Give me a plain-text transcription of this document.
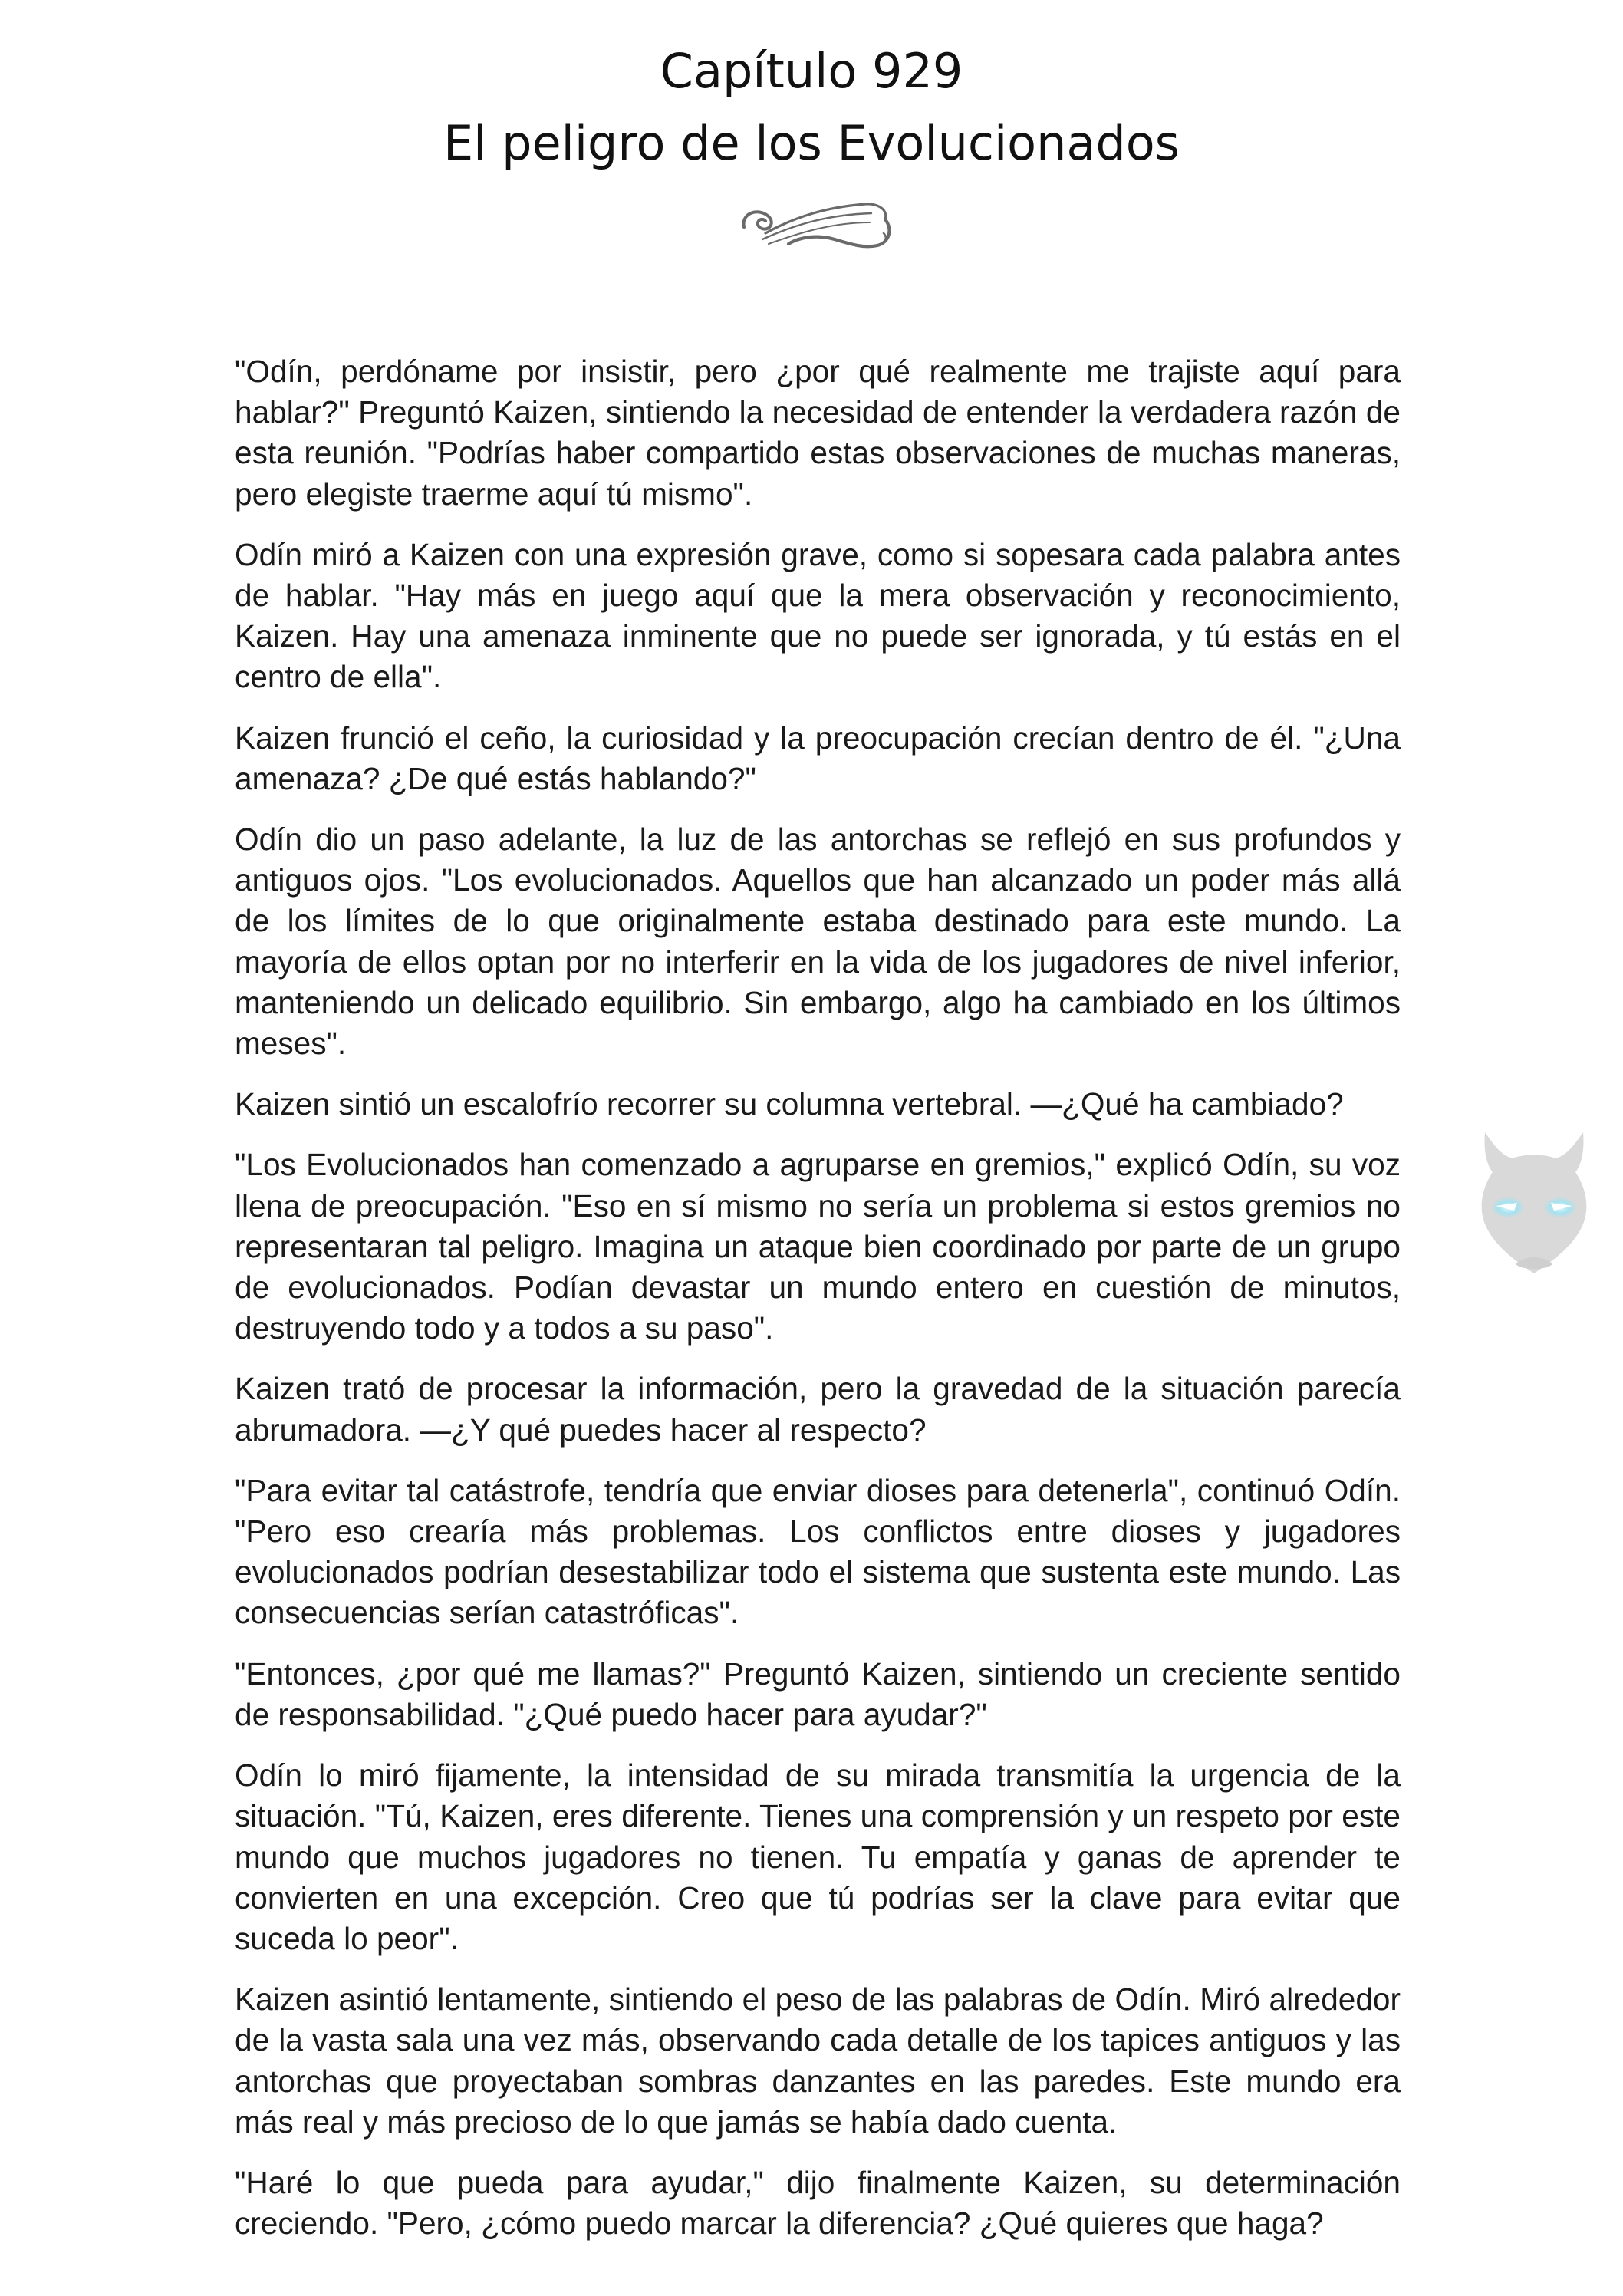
Capítulo 929
El peligro de los Evolucionados

"Odín, perdóname por insistir, pero ¿por qué realmente me trajiste aquí para hablar?" Preguntó Kaizen, sintiendo la necesidad de entender la verdadera razón de esta reunión. "Podrías haber compartido estas observaciones de muchas maneras, pero elegiste traerme aquí tú mismo".

Odín miró a Kaizen con una expresión grave, como si sopesara cada palabra antes de hablar. "Hay más en juego aquí que la mera observación y reconocimiento, Kaizen. Hay una amenaza inminente que no puede ser ignorada, y tú estás en el centro de ella".

Kaizen frunció el ceño, la curiosidad y la preocupación crecían dentro de él. "¿Una amenaza? ¿De qué estás hablando?"

Odín dio un paso adelante, la luz de las antorchas se reflejó en sus profundos y antiguos ojos. "Los evolucionados. Aquellos que han alcanzado un poder más allá de los límites de lo que originalmente estaba destinado para este mundo. La mayoría de ellos optan por no interferir en la vida de los jugadores de nivel inferior, manteniendo un delicado equilibrio. Sin embargo, algo ha cambiado en los últimos meses".

Kaizen sintió un escalofrío recorrer su columna vertebral. —¿Qué ha cambiado?

"Los Evolucionados han comenzado a agruparse en gremios," explicó Odín, su voz llena de preocupación. "Eso en sí mismo no sería un problema si estos gremios no representaran tal peligro. Imagina un ataque bien coordinado por parte de un grupo de evolucionados. Podían devastar un mundo entero en cuestión de minutos, destruyendo todo y a todos a su paso".

Kaizen trató de procesar la información, pero la gravedad de la situación parecía abrumadora. —¿Y qué puedes hacer al respecto?

"Para evitar tal catástrofe, tendría que enviar dioses para detenerla", continuó Odín. "Pero eso crearía más problemas. Los conflictos entre dioses y jugadores evolucionados podrían desestabilizar todo el sistema que sustenta este mundo. Las consecuencias serían catastróficas".

"Entonces, ¿por qué me llamas?" Preguntó Kaizen, sintiendo un creciente sentido de responsabilidad. "¿Qué puedo hacer para ayudar?"

Odín lo miró fijamente, la intensidad de su mirada transmitía la urgencia de la situación. "Tú, Kaizen, eres diferente. Tienes una comprensión y un respeto por este mundo que muchos jugadores no tienen. Tu empatía y ganas de aprender te convierten en una excepción. Creo que tú podrías ser la clave para evitar que suceda lo peor".

Kaizen asintió lentamente, sintiendo el peso de las palabras de Odín. Miró alrededor de la vasta sala una vez más, observando cada detalle de los tapices antiguos y las antorchas que proyectaban sombras danzantes en las paredes. Este mundo era más real y más precioso de lo que jamás se había dado cuenta.

"Haré lo que pueda para ayudar," dijo finalmente Kaizen, su determinación creciendo. "Pero, ¿cómo puedo marcar la diferencia? ¿Qué quieres que haga?
